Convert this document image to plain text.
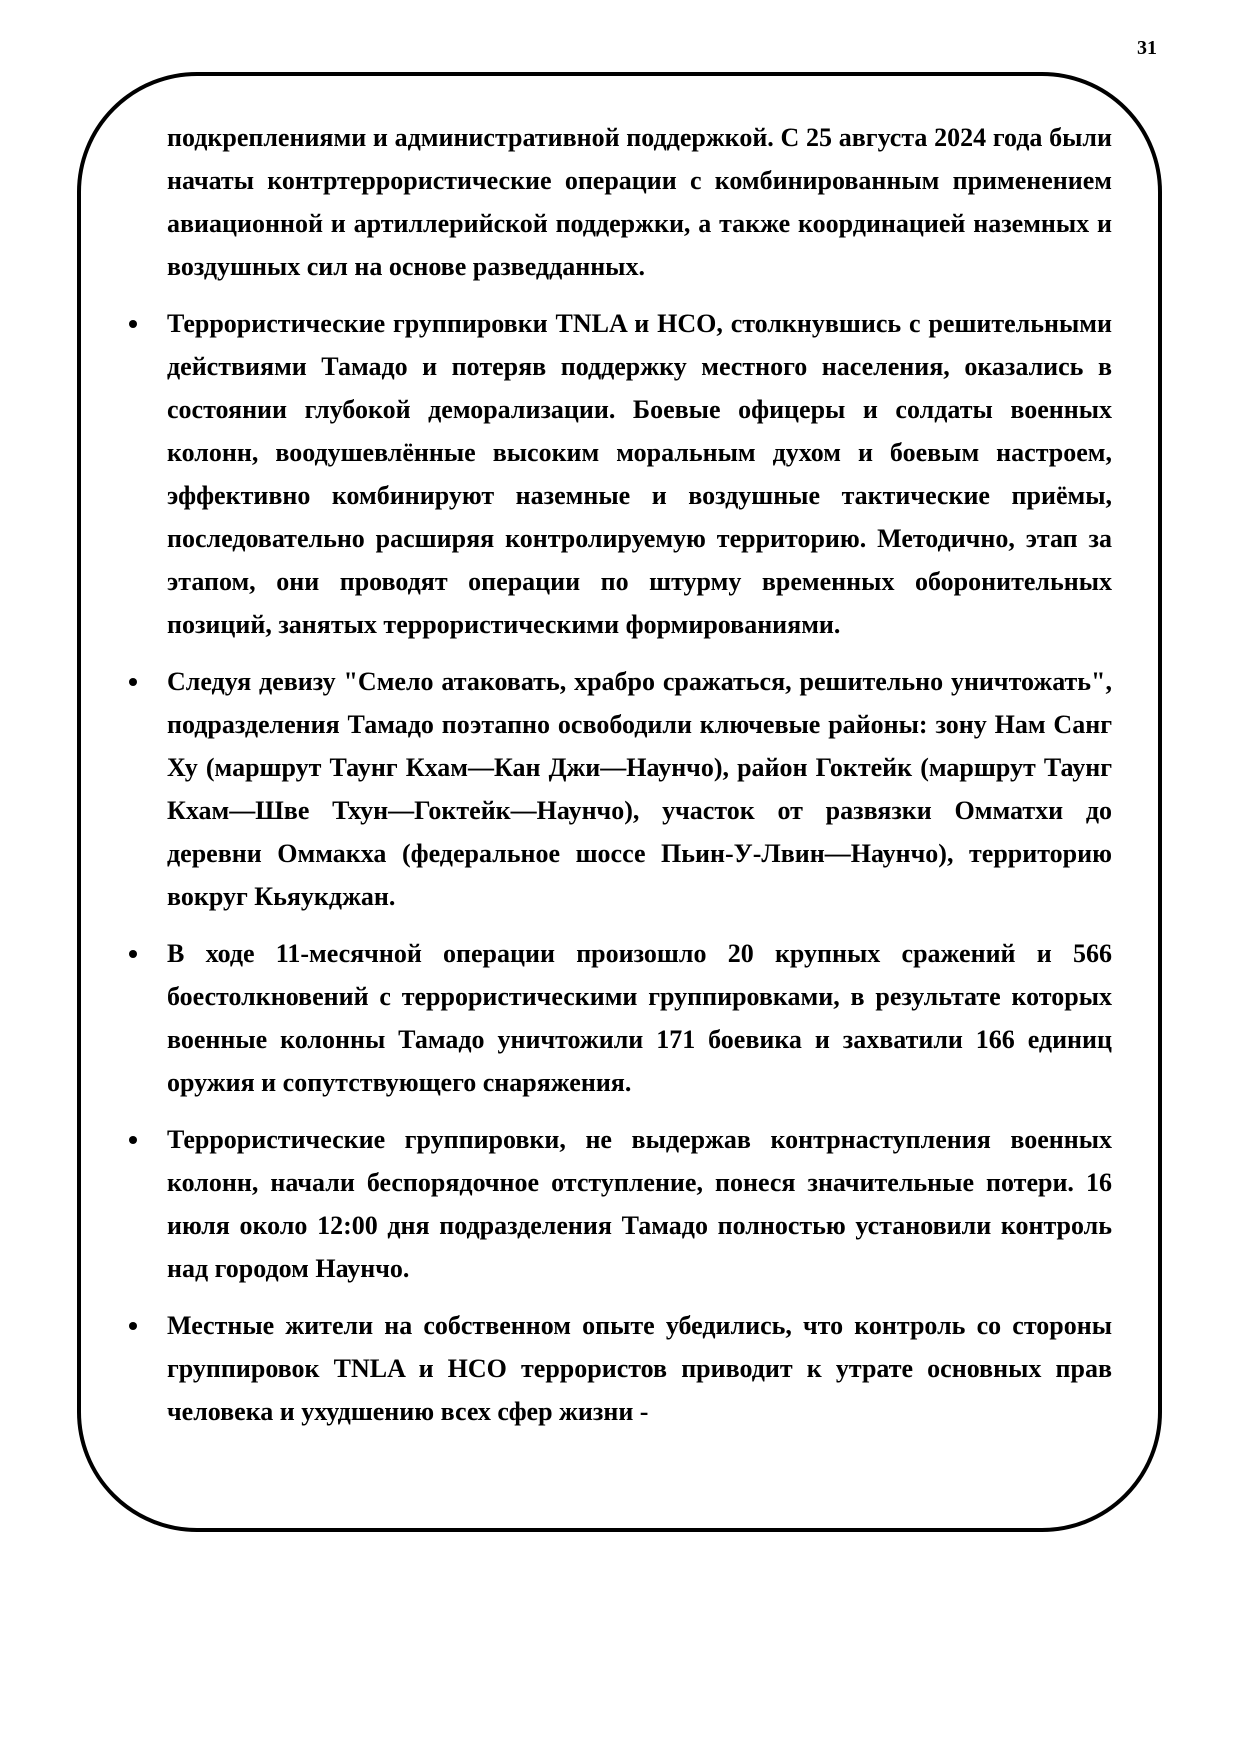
31

подкреплениями и административной поддержкой. С 25 августа 2024 года были начаты контртеррористические операции с комбинированным применением авиационной и артиллерийской поддержки, а также координацией наземных и воздушных сил на основе разведданных.

Террористические группировки TNLA и НСО, столкнувшись с решительными действиями Тамадо и потеряв поддержку местного населения, оказались в состоянии глубокой деморализации. Боевые офицеры и солдаты военных колонн, воодушевлённые высоким моральным духом и боевым настроем, эффективно комбинируют наземные и воздушные тактические приёмы, последовательно расширяя контролируемую территорию. Методично, этап за этапом, они проводят операции по штурму временных оборонительных позиций, занятых террористическими формированиями.
Следуя девизу "Смело атаковать, храбро сражаться, решительно уничтожать", подразделения Тамадо поэтапно освободили ключевые районы: зону Нам Санг Ху (маршрут Таунг Кхам—Кан Джи—Наунчо), район Гоктейк (маршрут Таунг Кхам—Шве Тхун—Гоктейк—Наунчо), участок от развязки Омматхи до деревни Оммакха (федеральное шоссе Пьин-У-Лвин—Наунчо), территорию вокруг Кьяукджан.
В ходе 11-месячной операции произошло 20 крупных сражений и 566 боестолкновений с террористическими группировками, в результате которых военные колонны Тамадо уничтожили 171 боевика и захватили 166 единиц оружия и сопутствующего снаряжения.
Террористические группировки, не выдержав контрнаступления военных колонн, начали беспорядочное отступление, понеся значительные потери. 16 июля около 12:00 дня подразделения Тамадо полностью установили контроль над городом Наунчо.
Местные жители на собственном опыте убедились, что контроль со стороны группировок TNLA и НСО террористов приводит к утрате основных прав человека и ухудшению всех сфер жизни -
